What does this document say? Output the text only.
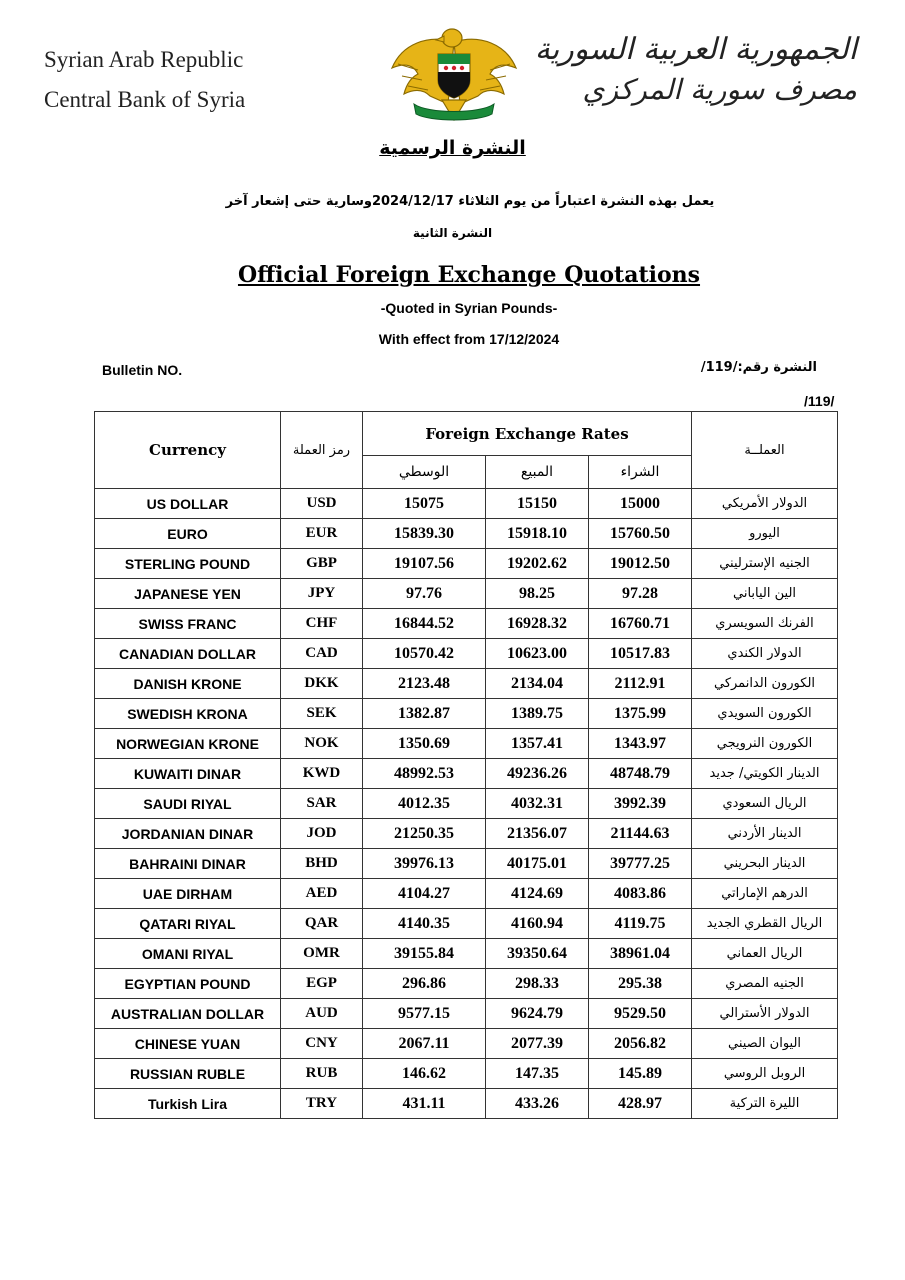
Syrian Arab Republic
Central Bank of Syria
الجمهورية العربية السورية
مصرف سورية المركزي
النشرة الرسمية
يعمل بهذه النشرة اعتباراً من يوم الثلاثاء 2024/12/17وسارية حتى إشعار آخر
النشرة الثانية
Official Foreign Exchange Quotations
-Quoted in Syrian Pounds-
With effect from 17/12/2024
Bulletin NO.	النشرة رقم:/119/
/119/
Currency	رمز العملة	Foreign Exchange Rates			العملــة
		الوسطي	المبيع	الشراء	
US DOLLAR	USD	15075	15150	15000	الدولار الأمريكي
EURO	EUR	15839.30	15918.10	15760.50	اليورو
STERLING POUND	GBP	19107.56	19202.62	19012.50	الجنيه الإسترليني
JAPANESE YEN	JPY	97.76	98.25	97.28	الين الياباني
SWISS FRANC	CHF	16844.52	16928.32	16760.71	الفرنك السويسري
CANADIAN DOLLAR	CAD	10570.42	10623.00	10517.83	الدولار الكندي
DANISH KRONE	DKK	2123.48	2134.04	2112.91	الكورون الدانمركي
SWEDISH KRONA	SEK	1382.87	1389.75	1375.99	الكورون السويدي
NORWEGIAN KRONE	NOK	1350.69	1357.41	1343.97	الكورون النرويجي
KUWAITI DINAR	KWD	48992.53	49236.26	48748.79	الدينار الكويتي/ جديد
SAUDI RIYAL	SAR	4012.35	4032.31	3992.39	الريال السعودي
JORDANIAN DINAR	JOD	21250.35	21356.07	21144.63	الدينار الأردني
BAHRAINI DINAR	BHD	39976.13	40175.01	39777.25	الدينار البحريني
UAE DIRHAM	AED	4104.27	4124.69	4083.86	الدرهم الإماراتي
QATARI RIYAL	QAR	4140.35	4160.94	4119.75	الريال القطري الجديد
OMANI RIYAL	OMR	39155.84	39350.64	38961.04	الريال العماني
EGYPTIAN POUND	EGP	296.86	298.33	295.38	الجنيه المصري
AUSTRALIAN DOLLAR	AUD	9577.15	9624.79	9529.50	الدولار الأسترالي
CHINESE YUAN	CNY	2067.11	2077.39	2056.82	اليوان الصيني
RUSSIAN RUBLE	RUB	146.62	147.35	145.89	الروبل الروسي
Turkish Lira	TRY	431.11	433.26	428.97	الليرة التركية
